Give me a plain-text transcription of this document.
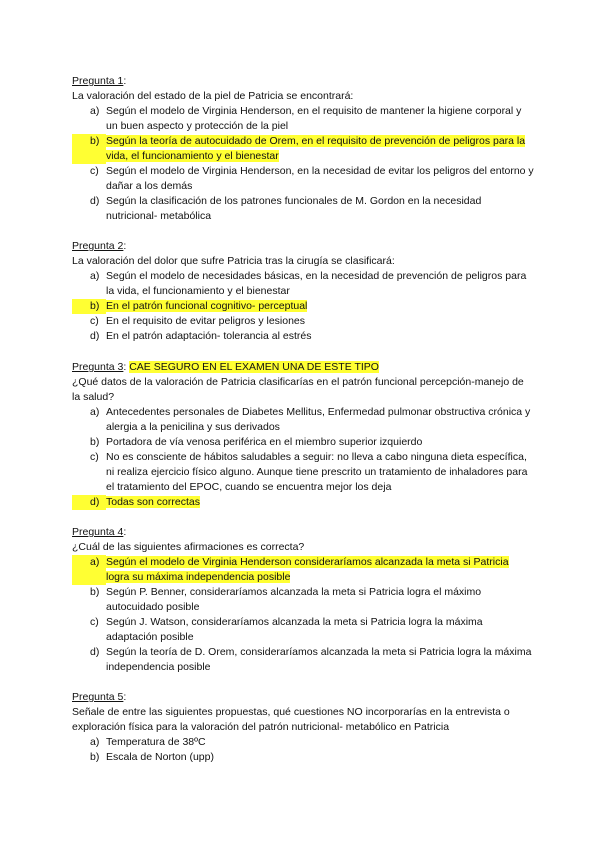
Pregunta 1:
La valoración del estado de la piel de Patricia se encontrará:
a) Según el modelo de Virginia Henderson, en el requisito de mantener la higiene corporal y un buen aspecto y protección de la piel
b) Según la teoría de autocuidado de Orem, en el requisito de prevención de peligros para la vida, el funcionamiento y el bienestar
c) Según el modelo de Virginia Henderson, en la necesidad de evitar los peligros del entorno y dañar a los demás
d) Según la clasificación de los patrones funcionales de M. Gordon en la necesidad nutricional- metabólica
Pregunta 2:
La valoración del dolor que sufre Patricia tras la cirugía se clasificará:
a) Según el modelo de necesidades básicas, en la necesidad de prevención de peligros para la vida, el funcionamiento y el bienestar
b) En el patrón funcional cognitivo- perceptual
c) En el requisito de evitar peligros y lesiones
d) En el patrón adaptación- tolerancia al estrés
Pregunta 3: CAE SEGURO EN EL EXAMEN UNA DE ESTE TIPO
¿Qué datos de la valoración de Patricia clasificarías en el patrón funcional percepción-manejo de la salud?
a) Antecedentes personales de Diabetes Mellitus, Enfermedad pulmonar obstructiva crónica y alergia a la penicilina y sus derivados
b) Portadora de vía venosa periférica en el miembro superior izquierdo
c) No es consciente de hábitos saludables a seguir: no lleva a cabo ninguna dieta específica, ni realiza ejercicio físico alguno. Aunque tiene prescrito un tratamiento de inhaladores para el tratamiento del EPOC, cuando se encuentra mejor los deja
d) Todas son correctas
Pregunta 4:
¿Cuál de las siguientes afirmaciones es correcta?
a) Según el modelo de Virginia Henderson consideraríamos alcanzada la meta si Patricia logra su máxima independencia posible
b) Según P. Benner, consideraríamos alcanzada la meta si Patricia logra el máximo autocuidado posible
c) Según J. Watson, consideraríamos alcanzada la meta si Patricia logra la máxima adaptación posible
d) Según la teoría de D. Orem, consideraríamos alcanzada la meta si Patricia logra la máxima independencia posible
Pregunta 5:
Señale de entre las siguientes propuestas, qué cuestiones NO incorporarías en la entrevista o exploración física para la valoración del patrón nutricional- metabólico en Patricia
a) Temperatura de 38ºC
b) Escala de Norton (upp)
